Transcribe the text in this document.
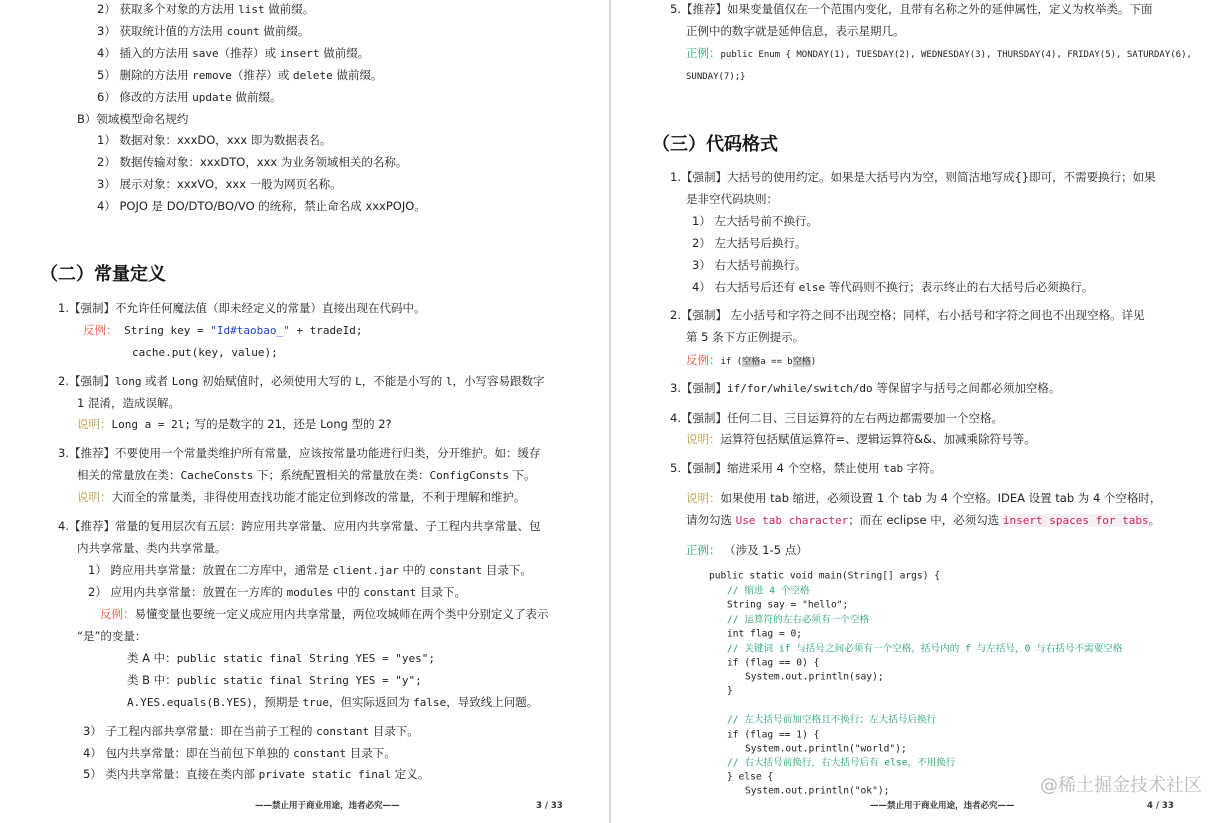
——禁止用于商业用途，违者必究——	3 / 33	——禁止用于商业用途，违者必究——	4 / 33
@稀土掘金技术社区
2） 获取多个对象的方法用 list 做前缀。
3） 获取统计值的方法用 count 做前缀。
4） 插入的方法用 save（推荐）或 insert 做前缀。
5） 删除的方法用 remove（推荐）或 delete 做前缀。
6） 修改的方法用 update 做前缀。
B）领域模型命名规约
1） 数据对象：xxxDO，xxx 即为数据表名。
2） 数据传输对象：xxxDTO，xxx 为业务领域相关的名称。
3） 展示对象：xxxVO，xxx 一般为网页名称。
4） POJO 是 DO/DTO/BO/VO 的统称，禁止命名成 xxxPOJO。
（二）常量定义
1.【强制】不允许任何魔法值（即未经定义的常量）直接出现在代码中。
反例： String key = "Id#taobao_" + tradeId;
cache.put(key, value);
2.【强制】long 或者 Long 初始赋值时，必须使用大写的 L，不能是小写的 l，小写容易跟数字
1 混淆，造成误解。
说明：Long a = 2l; 写的是数字的 21，还是 Long 型的 2?
3.【推荐】不要使用一个常量类维护所有常量，应该按常量功能进行归类，分开维护。如：缓存
相关的常量放在类：CacheConsts 下；系统配置相关的常量放在类：ConfigConsts 下。
说明：大而全的常量类，非得使用查找功能才能定位到修改的常量，不利于理解和维护。
4.【推荐】常量的复用层次有五层：跨应用共享常量、应用内共享常量、子工程内共享常量、包
内共享常量、类内共享常量。
1） 跨应用共享常量：放置在二方库中，通常是 client.jar 中的 constant 目录下。
2） 应用内共享常量：放置在一方库的 modules 中的 constant 目录下。
反例：易懂变量也要统一定义成应用内共享常量，两位攻城师在两个类中分别定义了表示
“是”的变量：
类 A 中：public static final String YES = "yes";
类 B 中：public static final String YES = "y";
A.YES.equals(B.YES)，预期是 true，但实际返回为 false，导致线上问题。
3） 子工程内部共享常量：即在当前子工程的 constant 目录下。
4） 包内共享常量：即在当前包下单独的 constant 目录下。
5） 类内共享常量：直接在类内部 private static final 定义。
5.【推荐】如果变量值仅在一个范围内变化，且带有名称之外的延伸属性，定义为枚举类。下面
正例中的数字就是延伸信息，表示星期几。
正例：public Enum { MONDAY(1), TUESDAY(2), WEDNESDAY(3), THURSDAY(4), FRIDAY(5), SATURDAY(6),
SUNDAY(7);}
（三）代码格式
1.【强制】大括号的使用约定。如果是大括号内为空，则简洁地写成{}即可，不需要换行；如果
是非空代码块则：
1） 左大括号前不换行。
2） 左大括号后换行。
3） 右大括号前换行。
4） 右大括号后还有 else 等代码则不换行；表示终止的右大括号后必须换行。
2.【强制】 左小括号和字符之间不出现空格；同样，右小括号和字符之间也不出现空格。详见
第 5 条下方正例提示。
反例：if (空格a == b空格)
3.【强制】if/for/while/switch/do 等保留字与括号之间都必须加空格。
4.【强制】任何二目、三目运算符的左右两边都需要加一个空格。
说明：运算符包括赋值运算符=、逻辑运算符&&、加减乘除符号等。
5.【强制】缩进采用 4 个空格，禁止使用 tab 字符。
说明：如果使用 tab 缩进，必须设置 1 个 tab 为 4 个空格。IDEA 设置 tab 为 4 个空格时，
请勿勾选 Use tab character；而在 eclipse 中，必须勾选 insert spaces for tabs。
正例： （涉及 1-5 点）
public static void main(String[] args) {
// 缩进 4 个空格
String say = "hello";
// 运算符的左右必须有一个空格
int flag = 0;
// 关键词 if 与括号之间必须有一个空格，括号内的 f 与左括号，0 与右括号不需要空格
if (flag == 0) {
System.out.println(say);
}
// 左大括号前加空格且不换行；左大括号后换行
if (flag == 1) {
System.out.println("world");
// 右大括号前换行，右大括号后有 else，不用换行
} else {
System.out.println("ok");
